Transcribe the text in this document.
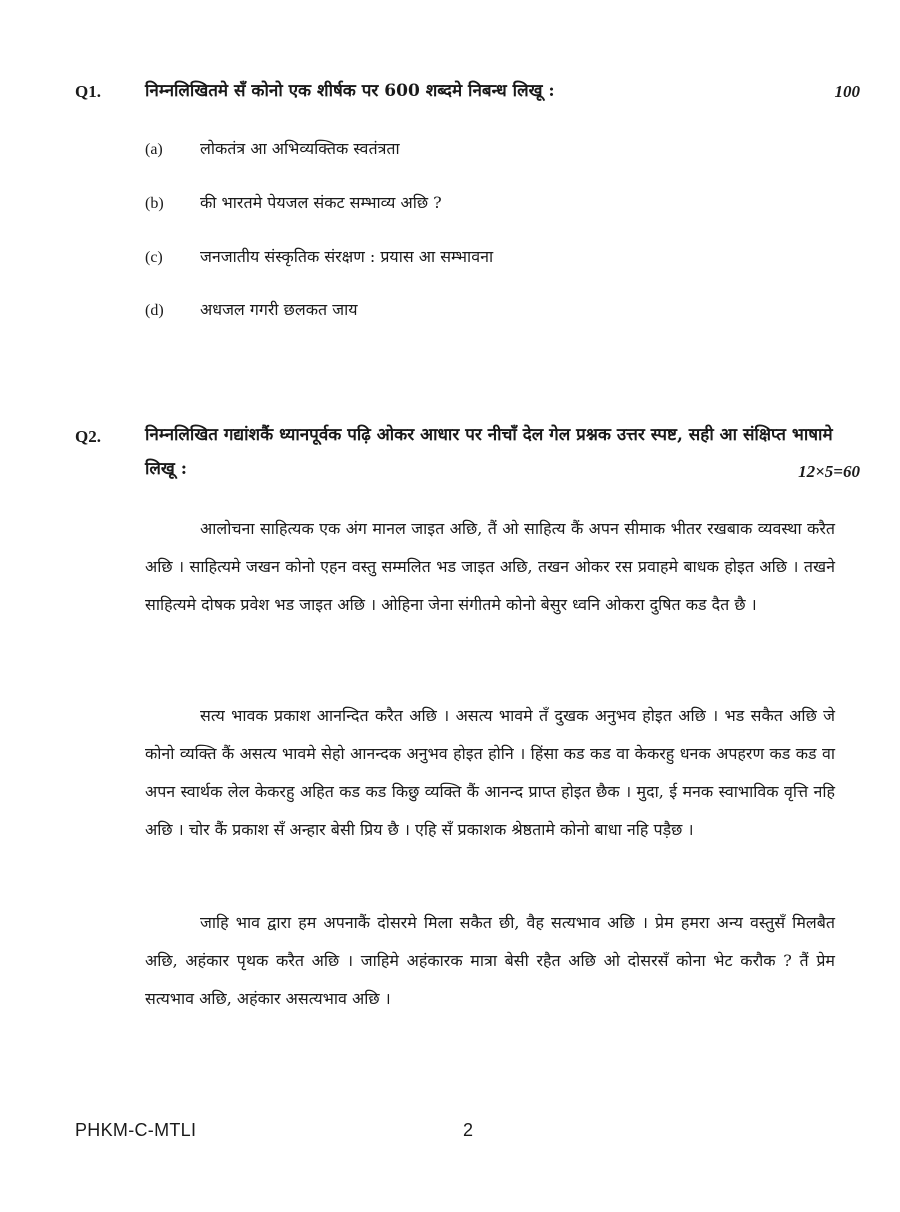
Q1.	निम्नलिखितमे सँ कोनो एक शीर्षक पर 600 शब्दमे निबन्ध लिखू :	100
(a) लोकतंत्र आ अभिव्यक्तिक स्वतंत्रता
(b) की भारतमे पेयजल संकट सम्भाव्य अछि ?
(c) जनजातीय संस्कृतिक संरक्षण : प्रयास आ सम्भावना
(d) अधजल गगरी छलकत जाय
Q2.	निम्नलिखित गद्यांशकैं ध्यानपूर्वक पढ़ि ओकर आधार पर नीचाँ देल गेल प्रश्नक उत्तर स्पष्ट, सही आ संक्षिप्त भाषामे लिखू :	12×5=60

आलोचना साहित्यक एक अंग मानल जाइत अछि, तैं ओ साहित्य कैं अपन सीमाक भीतर रखबाक व्यवस्था करैत अछि । साहित्यमे जखन कोनो एहन वस्तु सम्मलित भड जाइत अछि, तखन ओकर रस प्रवाहमे बाधक होइत अछि । तखने साहित्यमे दोषक प्रवेश भड जाइत अछि । ओहिना जेना संगीतमे कोनो बेसुर ध्वनि ओकरा दुषित कड दैत छै ।

सत्य भावक प्रकाश आनन्दित करैत अछि । असत्य भावमे तँ दुखक अनुभव होइत अछि । भड सकैत अछि जे कोनो व्यक्ति कैं असत्य भावमे सेहो आनन्दक अनुभव होइत होनि । हिंसा कड कड वा केकरहु धनक अपहरण कड कड वा अपन स्वार्थक लेल केकरहु अहित कड कड किछु व्यक्ति कैं आनन्द प्राप्त होइत छैक । मुदा, ई मनक स्वाभाविक वृत्ति नहि अछि । चोर कैं प्रकाश सँ अन्हार बेसी प्रिय छै । एहि सँ प्रकाशक श्रेष्ठतामे कोनो बाधा नहि पड़ैछ ।

जाहि भाव द्वारा हम अपनाकैं दोसरमे मिला सकैत छी, वैह सत्यभाव अछि । प्रेम हमरा अन्य वस्तुसँ मिलबैत अछि, अहंकार पृथक करैत अछि । जाहिमे अहंकारक मात्रा बेसी रहैत अछि ओ दोसरसँ कोना भेट करौक ? तैं प्रेम सत्यभाव अछि, अहंकार असत्यभाव अछि ।

PHKM-C-MTLI	2
